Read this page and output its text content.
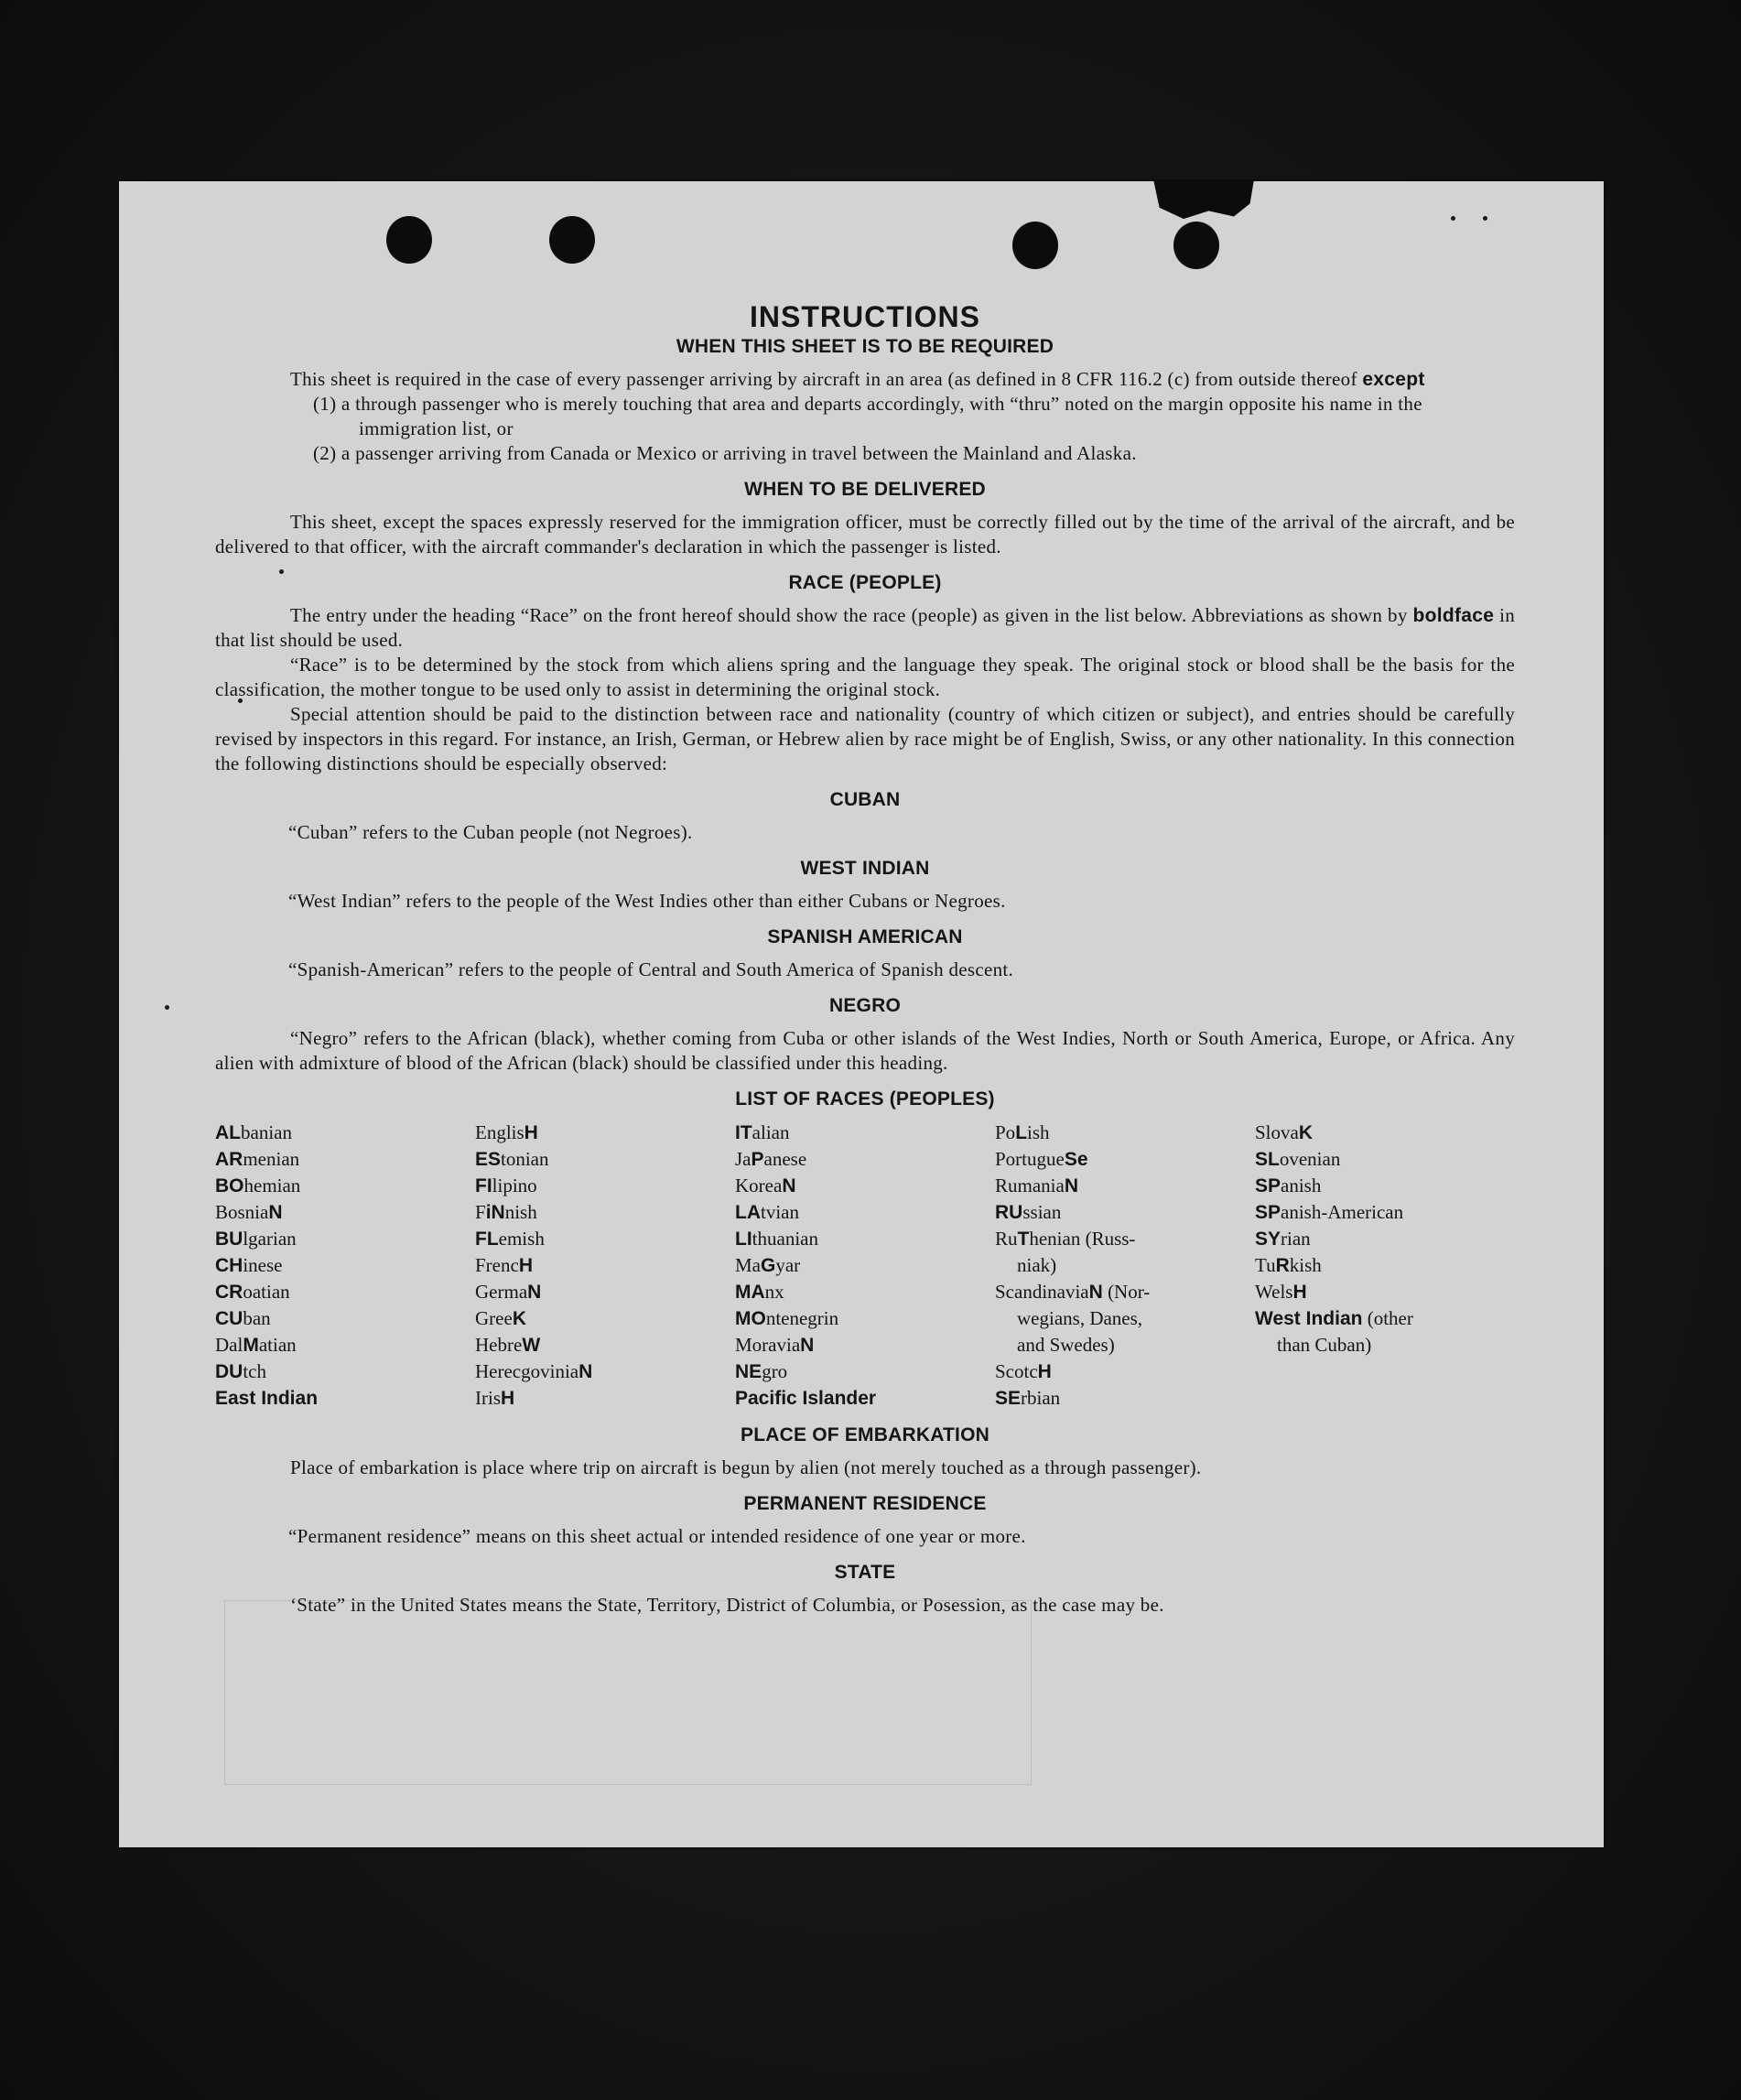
INSTRUCTIONS
WHEN THIS SHEET IS TO BE REQUIRED

This sheet is required in the case of every passenger arriving by aircraft in an area (as defined in 8 CFR 116.2 (c) from outside thereof except

(1) a through passenger who is merely touching that area and departs accordingly, with “thru” noted on the margin opposite his name in the immigration list, or
(2) a passenger arriving from Canada or Mexico or arriving in travel between the Mainland and Alaska.
WHEN TO BE DELIVERED

This sheet, except the spaces expressly reserved for the immigration officer, must be correctly filled out by the time of the arrival of the aircraft, and be delivered to that officer, with the aircraft commander's declaration in which the passenger is listed.

RACE (PEOPLE)

The entry under the heading “Race” on the front hereof should show the race (people) as given in the list below. Abbreviations as shown by boldface in that list should be used.

“Race” is to be determined by the stock from which aliens spring and the language they speak. The original stock or blood shall be the basis for the classification, the mother tongue to be used only to assist in determining the original stock.

Special attention should be paid to the distinction between race and nationality (country of which citizen or subject), and entries should be carefully revised by inspectors in this regard. For instance, an Irish, German, or Hebrew alien by race might be of English, Swiss, or any other nationality. In this connection the following distinctions should be especially observed:

CUBAN

“Cuban” refers to the Cuban people (not Negroes).

WEST INDIAN

“West Indian” refers to the people of the West Indies other than either Cubans or Negroes.

SPANISH AMERICAN

“Spanish-American” refers to the people of Central and South America of Spanish descent.

NEGRO

“Negro” refers to the African (black), whether coming from Cuba or other islands of the West Indies, North or South America, Europe, or Africa. Any alien with admixture of blood of the African (black) should be classified under this heading.

LIST OF RACES (PEOPLES)
ALbanian
ARmenian
BOhemian
BosniaN
BUlgarian
CHinese
CRoatian
CUban
DalMatian
DUtch
East Indian
EnglisH
EStonian
FIlipino
FiNnish
FLemish
FrencH
GermaN
GreeK
HebreW
HerecgoviniaN
IrisH
ITalian
JaPanese
KoreaN
LAtvian
LIthuanian
MaGyar
MAnx
MOntenegrin
MoraviaN
NEgro
Pacific Islander
PoLish
PortugueSe
RumaniaN
RUssian
RuThenian (Russ-
niak)
ScandinaviaN (Nor-
wegians, Danes,
and Swedes)
ScotcH
SErbian
SlovaK
SLovenian
SPanish
SPanish-American
SYrian
TuRkish
WelsH
West Indian (other
than Cuban)
PLACE OF EMBARKATION

Place of embarkation is place where trip on aircraft is begun by alien (not merely touched as a through passenger).

PERMANENT RESIDENCE

“Permanent residence” means on this sheet actual or intended residence of one year or more.

STATE

‘State” in the United States means the State, Territory, District of Columbia, or Posession, as the case may be.
